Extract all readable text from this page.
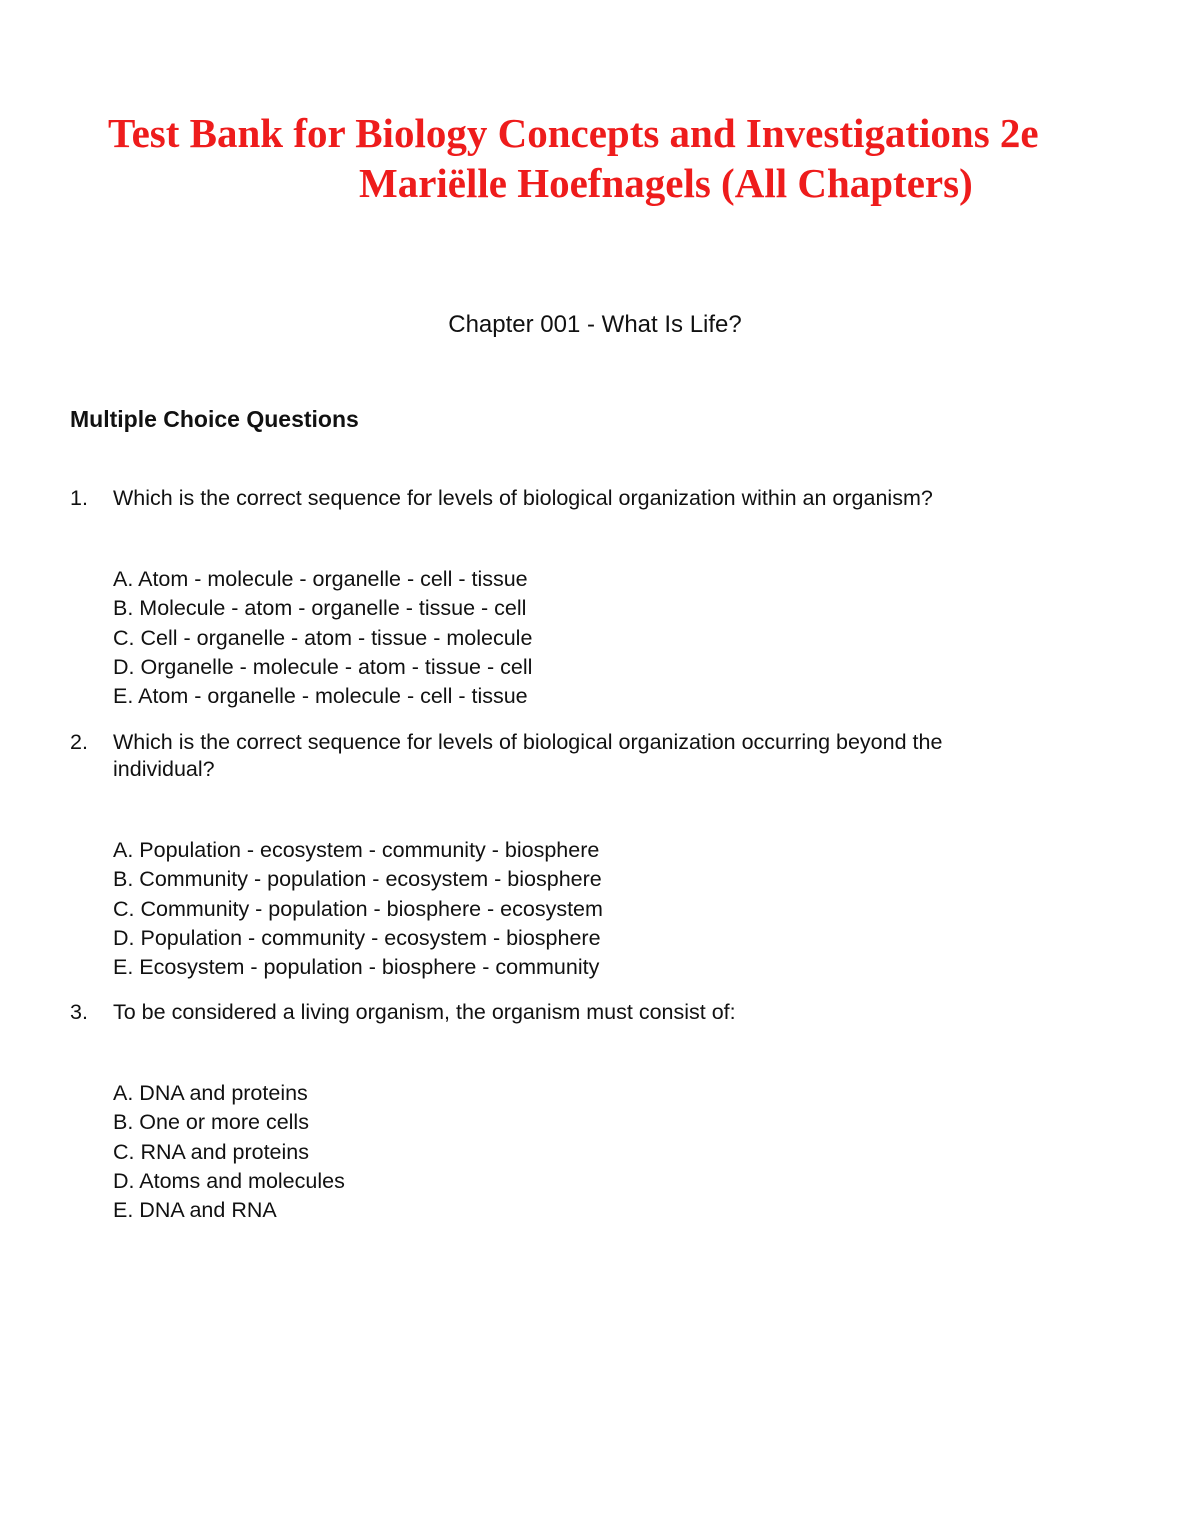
Test Bank for Biology Concepts and Investigations 2e
Mariëlle Hoefnagels (All Chapters)
Chapter 001 - What Is Life?
Multiple Choice Questions
1. Which is the correct sequence for levels of biological organization within an organism?
A. Atom - molecule - organelle - cell - tissue
B. Molecule - atom - organelle - tissue - cell
C. Cell - organelle - atom - tissue - molecule
D. Organelle - molecule - atom - tissue - cell
E. Atom - organelle - molecule - cell - tissue
2. Which is the correct sequence for levels of biological organization occurring beyond the individual?
A. Population - ecosystem - community - biosphere
B. Community - population - ecosystem - biosphere
C. Community - population - biosphere - ecosystem
D. Population - community - ecosystem - biosphere
E. Ecosystem - population - biosphere - community
3. To be considered a living organism, the organism must consist of:
A. DNA and proteins
B. One or more cells
C. RNA and proteins
D. Atoms and molecules
E. DNA and RNA
